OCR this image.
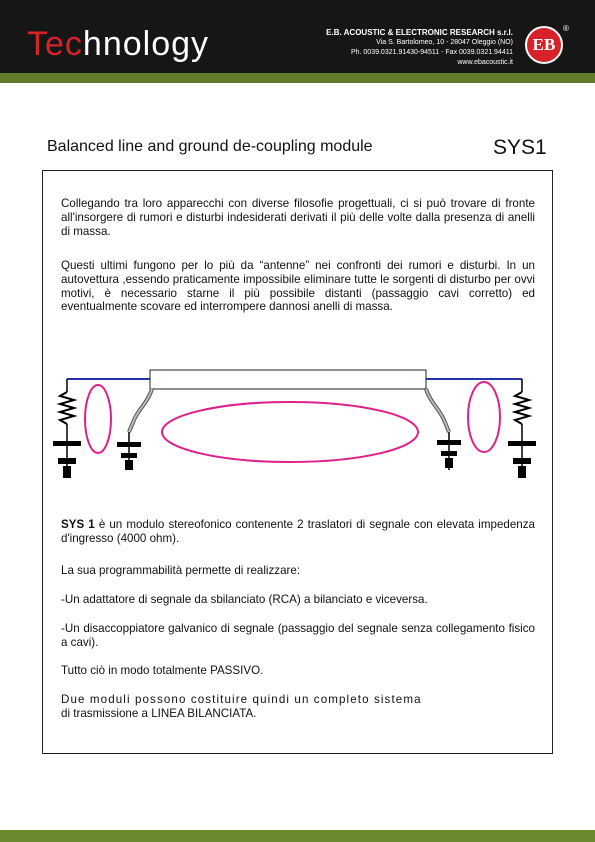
Technology	E.B. ACOUSTIC & ELECTRONIC RESEARCH s.r.l.
Via S. Bartolomeo, 10 - 28047 Oleggio (NO)
Ph. 0039.0321.91430-94511 - Fax 0039.0321.94411
www.ebacoustic.it
EB
®
Balanced line and ground de-coupling module	SYS1

Collegando tra loro apparecchi con diverse filosofie progettuali, ci si può trovare di fronte all'insorgere di rumori e disturbi indesiderati derivati il più delle volte dalla presenza di anelli di massa.

Questi ultimi fungono per lo più da “antenne” nei confronti dei rumori e disturbi. In un autovettura ,essendo praticamente impossibile eliminare tutte le sorgenti di disturbo per ovvi motivi, è necessario starne il più possibile distanti (passaggio cavi corretto) ed eventualmente scovare ed interrompere dannosi anelli di massa.

SYS 1 è un modulo stereofonico contenente 2 traslatori di segnale con elevata impedenza d'ingresso (4000 ohm).

La sua programmabilità permette di realizzare:

-Un adattatore di segnale da sbilanciato (RCA) a bilanciato e viceversa.

-Un disaccoppiatore galvanico di segnale (passaggio del segnale senza collegamento fisico a cavi).

Tutto ciò in modo totalmente PASSIVO.

Due moduli possono costituire quindi un completo sistema
di trasmissione a LINEA BILANCIATA.
